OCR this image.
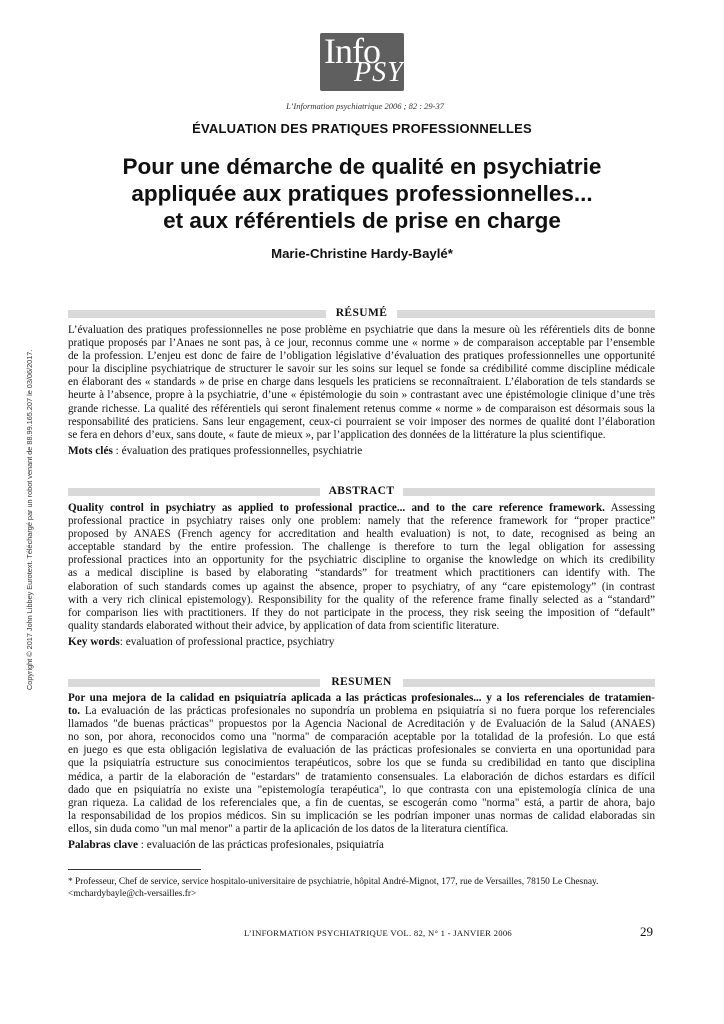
Copyright © 2017 John Libbey Eurotext. Téléchargé par un robot venant de 88.99.165.207 le 03/06/2017.
Info
PSY
L’Information psychiatrique 2006 ; 82 : 29-37
ÉVALUATION DES PRATIQUES PROFESSIONNELLES
Pour une démarche de qualité en psychiatrie
appliquée aux pratiques professionnelles...
et aux référentiels de prise en charge
Marie-Christine Hardy-Baylé*
RÉSUMÉ
L’évaluation des pratiques professionnelles ne pose problème en psychiatrie que dans la mesure où les référentiels dits de bonne
pratique proposés par l’Anaes ne sont pas, à ce jour, reconnus comme une « norme » de comparaison acceptable par l’ensemble
de la profession. L’enjeu est donc de faire de l’obligation législative d’évaluation des pratiques professionnelles une opportunité
pour la discipline psychiatrique de structurer le savoir sur les soins sur lequel se fonde sa crédibilité comme discipline médicale
en élaborant des « standards » de prise en charge dans lesquels les praticiens se reconnaîtraient. L’élaboration de tels standards se
heurte à l’absence, propre à la psychiatrie, d’une « épistémologie du soin » contrastant avec une épistémologie clinique d’une très
grande richesse. La qualité des référentiels qui seront finalement retenus comme « norme » de comparaison est désormais sous la
responsabilité des praticiens. Sans leur engagement, ceux-ci pourraient se voir imposer des normes de qualité dont l’élaboration
se fera en dehors d’eux, sans doute, « faute de mieux », par l’application des données de la littérature la plus scientifique.
Mots clés : évaluation des pratiques professionnelles, psychiatrie
ABSTRACT
Quality control in psychiatry as applied to professional practice... and to the care reference framework. Assessing
professional practice in psychiatry raises only one problem: namely that the reference framework for “proper practice”
proposed by ANAES (French agency for accreditation and health evaluation) is not, to date, recognised as being an
acceptable standard by the entire profession. The challenge is therefore to turn the legal obligation for assessing
professional practices into an opportunity for the psychiatric discipline to organise the knowledge on which its credibility
as a medical discipline is based by elaborating “standards” for treatment which practitioners can identify with. The
elaboration of such standards comes up against the absence, proper to psychiatry, of any “care epistemology” (in contrast
with a very rich clinical epistemology). Responsibility for the quality of the reference frame finally selected as a “standard”
for comparison lies with practitioners. If they do not participate in the process, they risk seeing the imposition of “default”
quality standards elaborated without their advice, by application of data from scientific literature.
Key words: evaluation of professional practice, psychiatry
RESUMEN
Por una mejora de la calidad en psiquiatría aplicada a las prácticas profesionales... y a los referenciales de tratamien-
to. La evaluación de las prácticas profesionales no supondría un problema en psiquiatría si no fuera porque los referenciales
llamados "de buenas prácticas" propuestos por la Agencia Nacional de Acreditación y de Evaluación de la Salud (ANAES)
no son, por ahora, reconocidos como una "norma" de comparación aceptable por la totalidad de la profesión. Lo que está
en juego es que esta obligación legislativa de evaluación de las prácticas profesionales se convierta en una oportunidad para
que la psiquiatría estructure sus conocimientos terapéuticos, sobre los que se funda su credibilidad en tanto que disciplina
médica, a partir de la elaboración de "estardars" de tratamiento consensuales. La elaboración de dichos estardars es difícil
dado que en psiquiatría no existe una "epistemología terapéutica", lo que contrasta con una epistemología clínica de una
gran riqueza. La calidad de los referenciales que, a fin de cuentas, se escogerán como "norma" está, a partir de ahora, bajo
la responsabilidad de los propios médicos. Sin su implicación se les podrían imponer unas normas de calidad elaboradas sin
ellos, sin duda como "un mal menor" a partir de la aplicación de los datos de la literatura científica.
Palabras clave : evaluación de las prácticas profesionales, psiquiatría
* Professeur, Chef de service, service hospitalo-universitaire de psychiatrie, hôpital André-Mignot, 177, rue de Versailles, 78150 Le Chesnay.
<mchardybayle@ch-versailles.fr>
L’INFORMATION PSYCHIATRIQUE VOL. 82, N° 1 - JANVIER 2006	29
